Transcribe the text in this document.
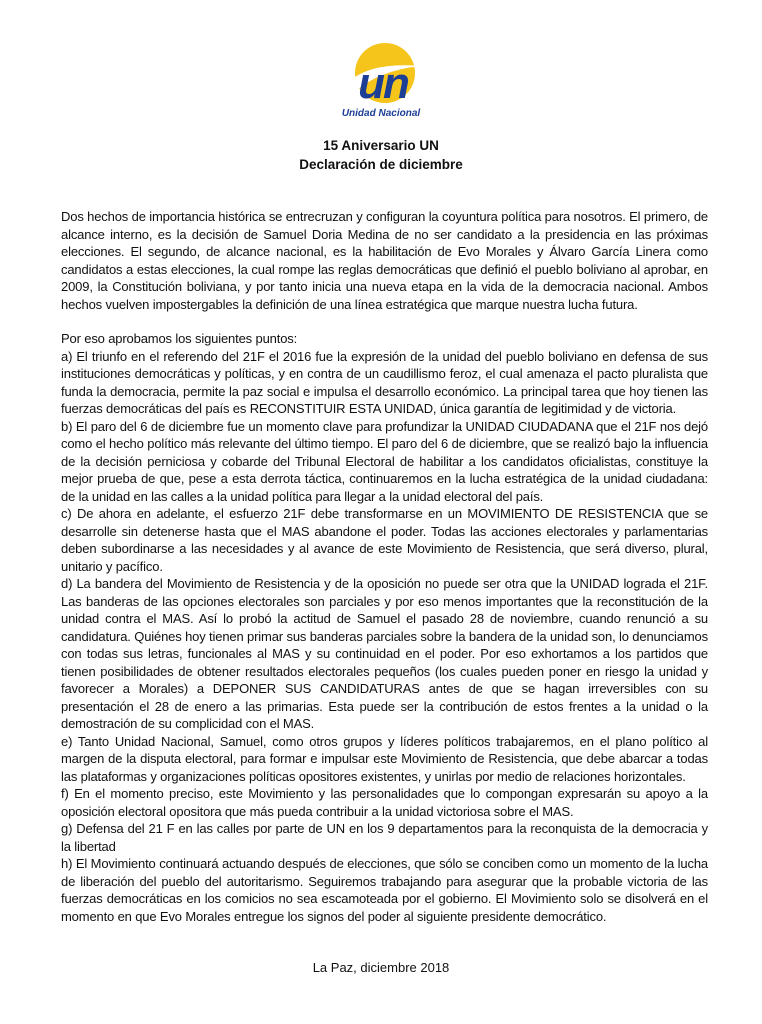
un
Unidad Nacional
15 Aniversario UN
Declaración de diciembre

Dos hechos de importancia histórica se entrecruzan y configuran la coyuntura política para nosotros. El primero, de alcance interno, es la decisión de Samuel Doria Medina de no ser candidato a la presidencia en las próximas elecciones. El segundo, de alcance nacional, es la habilitación de Evo Morales y Álvaro García Linera como candidatos a estas elecciones, la cual rompe las reglas democráticas que definió el pueblo boliviano al aprobar, en 2009, la Constitución boliviana, y por tanto inicia una nueva etapa en la vida de la democracia nacional. Ambos hechos vuelven impostergables la definición de una línea estratégica que marque nuestra lucha futura.

Por eso aprobamos los siguientes puntos:

a) El triunfo en el referendo del 21F el 2016 fue la expresión de la unidad del pueblo boliviano en defensa de sus instituciones democráticas y políticas, y en contra de un caudillismo feroz, el cual amenaza el pacto pluralista que funda la democracia, permite la paz social e impulsa el desarrollo económico. La principal tarea que hoy tienen las fuerzas democráticas del país es RECONSTITUIR ESTA UNIDAD, única garantía de legitimidad y de victoria.

b) El paro del 6 de diciembre fue un momento clave para profundizar la UNIDAD CIUDADANA que el 21F nos dejó como el hecho político más relevante del último tiempo. El paro del 6 de diciembre, que se realizó bajo la influencia de la decisión perniciosa y cobarde del Tribunal Electoral de habilitar a los candidatos oficialistas, constituye la mejor prueba de que, pese a esta derrota táctica, continuaremos en la lucha estratégica de la unidad ciudadana: de la unidad en las calles a la unidad política para llegar a la unidad electoral del país.

c) De ahora en adelante, el esfuerzo 21F debe transformarse en un MOVIMIENTO DE RESISTENCIA que se desarrolle sin detenerse hasta que el MAS abandone el poder. Todas las acciones electorales y parlamentarias deben subordinarse a las necesidades y al avance de este Movimiento de Resistencia, que será diverso, plural, unitario y pacífico.

d) La bandera del Movimiento de Resistencia y de la oposición no puede ser otra que la UNIDAD lograda el 21F. Las banderas de las opciones electorales son parciales y por eso menos importantes que la reconstitución de la unidad contra el MAS. Así lo probó la actitud de Samuel el pasado 28 de noviembre, cuando renunció a su candidatura. Quiénes hoy tienen primar sus banderas parciales sobre la bandera de la unidad son, lo denunciamos con todas sus letras, funcionales al MAS y su continuidad en el poder. Por eso exhortamos a los partidos que tienen posibilidades de obtener resultados electorales pequeños (los cuales pueden poner en riesgo la unidad y favorecer a Morales) a DEPONER SUS CANDIDATURAS antes de que se hagan irreversibles con su presentación el 28 de enero a las primarias. Esta puede ser la contribución de estos frentes a la unidad o la demostración de su complicidad con el MAS.

e) Tanto Unidad Nacional, Samuel, como otros grupos y líderes políticos trabajaremos, en el plano político al margen de la disputa electoral, para formar e impulsar este Movimiento de Resistencia, que debe abarcar a todas las plataformas y organizaciones políticas opositores existentes, y unirlas por medio de relaciones horizontales.

f) En el momento preciso, este Movimiento y las personalidades que lo compongan expresarán su apoyo a la oposición electoral opositora que más pueda contribuir a la unidad victoriosa sobre el MAS.

g) Defensa del 21 F en las calles por parte de UN en los 9 departamentos para la reconquista de la democracia y la libertad

h) El Movimiento continuará actuando después de elecciones, que sólo se conciben como un momento de la lucha de liberación del pueblo del autoritarismo. Seguiremos trabajando para asegurar que la probable victoria de las fuerzas democráticas en los comicios no sea escamoteada por el gobierno. El Movimiento solo se disolverá en el momento en que Evo Morales entregue los signos del poder al siguiente presidente democrático.

La Paz, diciembre 2018
